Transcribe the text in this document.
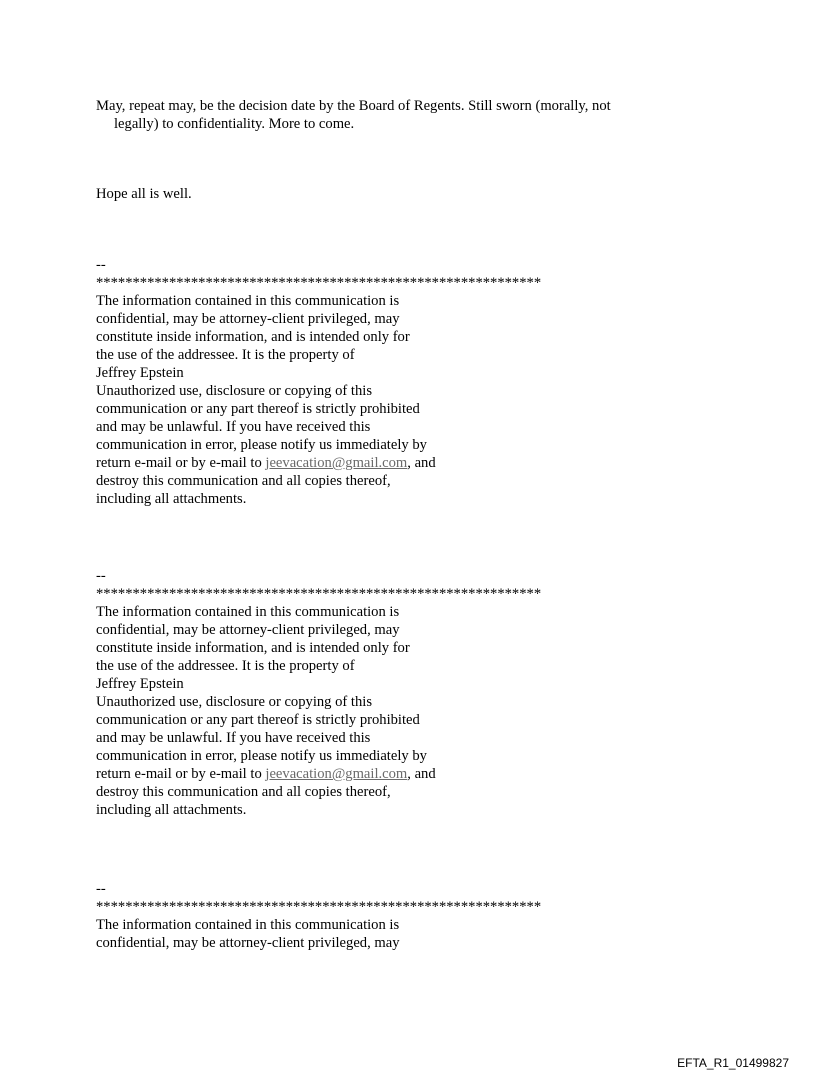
May, repeat may, be the decision date by the Board of Regents. Still sworn (morally, not
legally) to confidentiality. More to come.

Hope all is well.

--
*************************************************************
The information contained in this communication is
confidential, may be attorney-client privileged, may
constitute inside information, and is intended only for
the use of the addressee. It is the property of
Jeffrey Epstein
Unauthorized use, disclosure or copying of this
communication or any part thereof is strictly prohibited
and may be unlawful. If you have received this
communication in error, please notify us immediately by
return e-mail or by e-mail to jeevacation@gmail.com, and
destroy this communication and all copies thereof,
including all attachments.
--
*************************************************************
The information contained in this communication is
confidential, may be attorney-client privileged, may
constitute inside information, and is intended only for
the use of the addressee. It is the property of
Jeffrey Epstein
Unauthorized use, disclosure or copying of this
communication or any part thereof is strictly prohibited
and may be unlawful. If you have received this
communication in error, please notify us immediately by
return e-mail or by e-mail to jeevacation@gmail.com, and
destroy this communication and all copies thereof,
including all attachments.
--
*************************************************************
The information contained in this communication is
confidential, may be attorney-client privileged, may
EFTA_R1_01499827
